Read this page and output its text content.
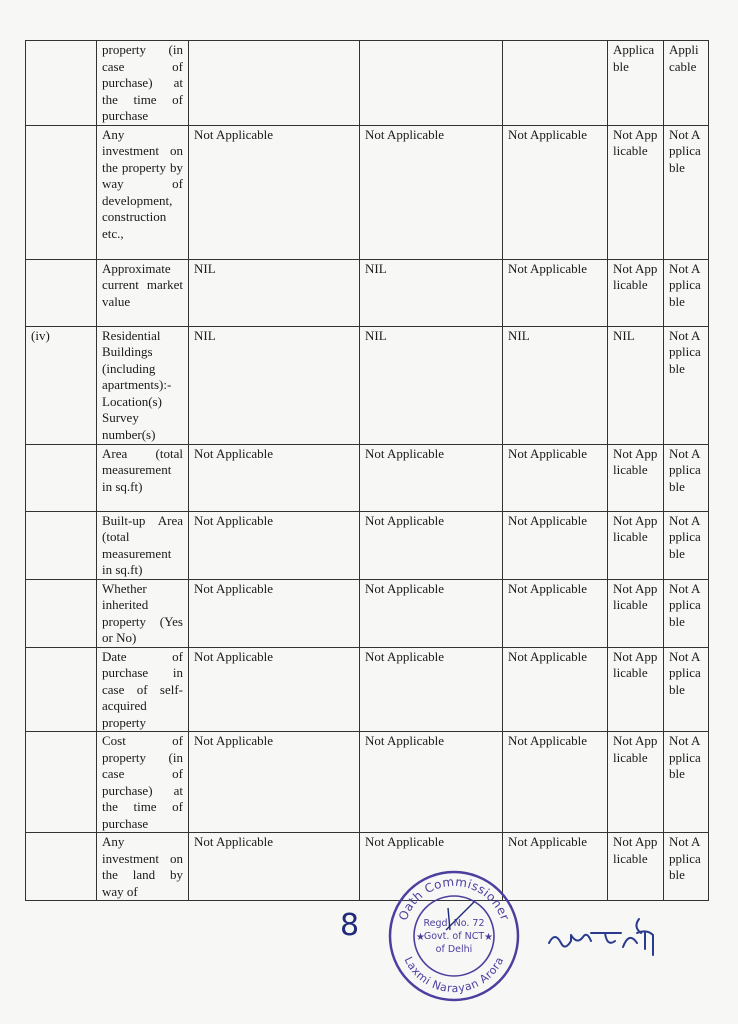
	property (in case of purchase) at the time of purchase				Applicable	Applicable
	Any investment on the property by way of development, construction etc.,	Not Applicable	Not Applicable	Not Applicable	Not Applicable	Not Applicable
	Approximate current market value	NIL	NIL	Not Applicable	Not Applicable	Not Applicable
(iv)	Residential Buildings (including apartments):- Location(s) Survey number(s)	NIL	NIL	NIL	NIL	Not Applicable
	Area (total measurement in sq.ft)	Not Applicable	Not Applicable	Not Applicable	Not Applicable	Not Applicable
	Built-up Area (total measurement in sq.ft)	Not Applicable	Not Applicable	Not Applicable	Not Applicable	Not Applicable
	Whether inherited property (Yes or No)	Not Applicable	Not Applicable	Not Applicable	Not Applicable	Not Applicable
	Date of purchase in case of self-acquired property	Not Applicable	Not Applicable	Not Applicable	Not Applicable	Not Applicable
	Cost of property (in case of purchase) at the time of purchase	Not Applicable	Not Applicable	Not Applicable	Not Applicable	Not Applicable
	Any investment on the land by way of	Not Applicable	Not Applicable	Not Applicable	Not Applicable	Not Applicable
8	Oath Commissioner
Laxmi Narayan Arora
Regd. No. 72
Govt. of NCT
of Delhi
★	★
